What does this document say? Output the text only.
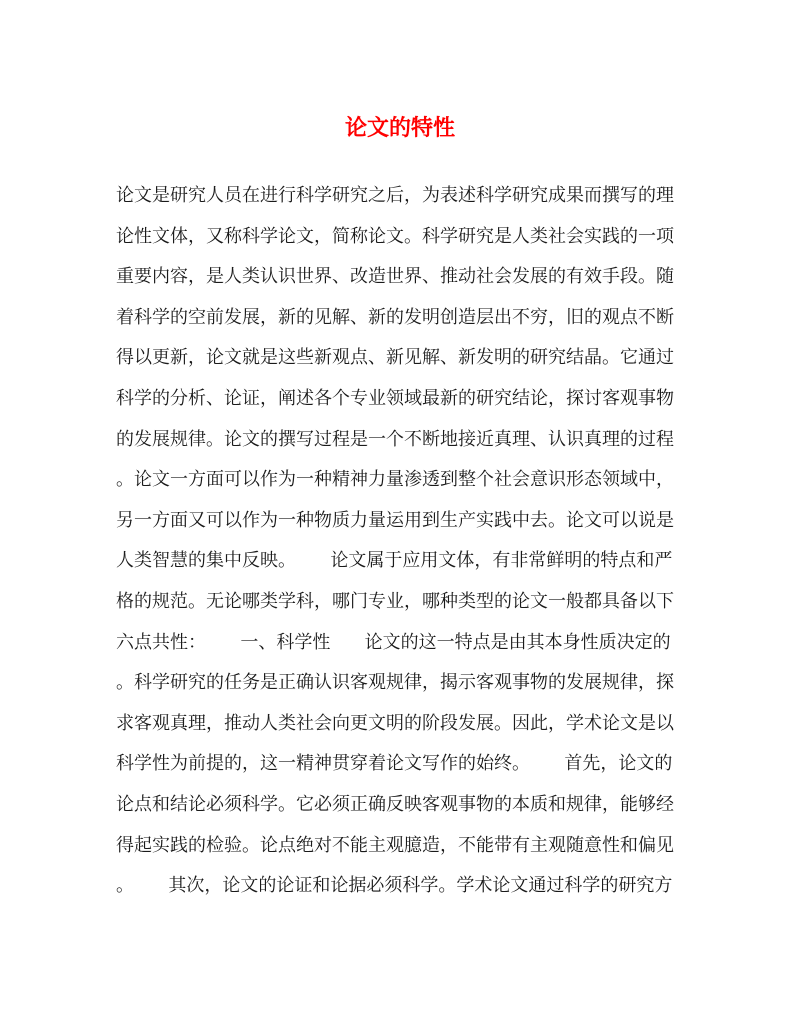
论文的特性
论文是研究人员在进行科学研究之后，为表述科学研究成果而撰写的理
论性文体，又称科学论文，简称论文。科学研究是人类社会实践的一项
重要内容，是人类认识世界、改造世界、推动社会发展的有效手段。随
着科学的空前发展，新的见解、新的发明创造层出不穷，旧的观点不断
得以更新，论文就是这些新观点、新见解、新发明的研究结晶。它通过
科学的分析、论证，阐述各个专业领域最新的研究结论，探讨客观事物
的发展规律。论文的撰写过程是一个不断地接近真理、认识真理的过程
。论文一方面可以作为一种精神力量渗透到整个社会意识形态领域中，
另一方面又可以作为一种物质力量运用到生产实践中去。论文可以说是
人类智慧的集中反映。      论文属于应用文体，有非常鲜明的特点和严
格的规范。无论哪类学科，哪门专业，哪种类型的论文一般都具备以下
六点共性：      一、科学性      论文的这一特点是由其本身性质决定的
。科学研究的任务是正确认识客观规律，揭示客观事物的发展规律，探
求客观真理，推动人类社会向更文明的阶段发展。因此，学术论文是以
科学性为前提的，这一精神贯穿着论文写作的始终。      首先，论文的
论点和结论必须科学。它必须正确反映客观事物的本质和规律，能够经
得起实践的检验。论点绝对不能主观臆造，不能带有主观随意性和偏见
。      其次，论文的论证和论据必须科学。学术论文通过科学的研究方
